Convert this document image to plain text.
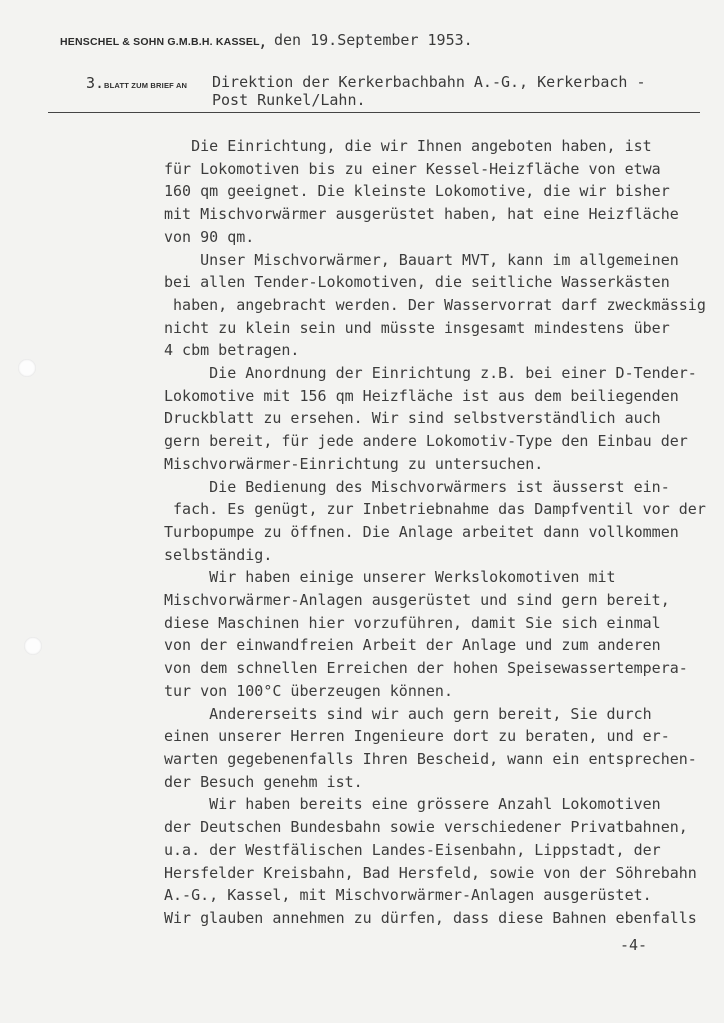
HENSCHEL & SOHN G.M.B.H. KASSEL
, den 19.September 1953.
3. BLATT ZUM BRIEF AN Direktion der Kerkerbachbahn A.-G., Kerkerbach -
Post Runkel/Lahn.
Die Einrichtung, die wir Ihnen angeboten haben, ist
für Lokomotiven bis zu einer Kessel-Heizfläche von etwa
160 qm geeignet. Die kleinste Lokomotive, die wir bisher
mit Mischvorwärmer ausgerüstet haben, hat eine Heizfläche
von 90 qm.
Unser Mischvorwärmer, Bauart MVT, kann im allgemeinen
bei allen Tender-Lokomotiven, die seitliche Wasserkästen
haben, angebracht werden. Der Wasservorrat darf zweckmässig
nicht zu klein sein und müsste insgesamt mindestens über
4 cbm betragen.
Die Anordnung der Einrichtung z.B. bei einer D-Tender-
Lokomotive mit 156 qm Heizfläche ist aus dem beiliegenden
Druckblatt zu ersehen. Wir sind selbstverständlich auch
gern bereit, für jede andere Lokomotiv-Type den Einbau der
Mischvorwärmer-Einrichtung zu untersuchen.
Die Bedienung des Mischvorwärmers ist äusserst ein-
fach. Es genügt, zur Inbetriebnahme das Dampfventil vor der
Turbopumpe zu öffnen. Die Anlage arbeitet dann vollkommen
selbständig.
Wir haben einige unserer Werkslokomotiven mit
Mischvorwärmer-Anlagen ausgerüstet und sind gern bereit,
diese Maschinen hier vorzuführen, damit Sie sich einmal
von der einwandfreien Arbeit der Anlage und zum anderen
von dem schnellen Erreichen der hohen Speisewassertempera-
tur von 100°C überzeugen können.
Andererseits sind wir auch gern bereit, Sie durch
einen unserer Herren Ingenieure dort zu beraten, und er-
warten gegebenenfalls Ihren Bescheid, wann ein entsprechen-
der Besuch genehm ist.
Wir haben bereits eine grössere Anzahl Lokomotiven
der Deutschen Bundesbahn sowie verschiedener Privatbahnen,
u.a. der Westfälischen Landes-Eisenbahn, Lippstadt, der
Hersfelder Kreisbahn, Bad Hersfeld, sowie von der Söhrebahn
A.-G., Kassel, mit Mischvorwärmer-Anlagen ausgerüstet.
Wir glauben annehmen zu dürfen, dass diese Bahnen ebenfalls
-4-
